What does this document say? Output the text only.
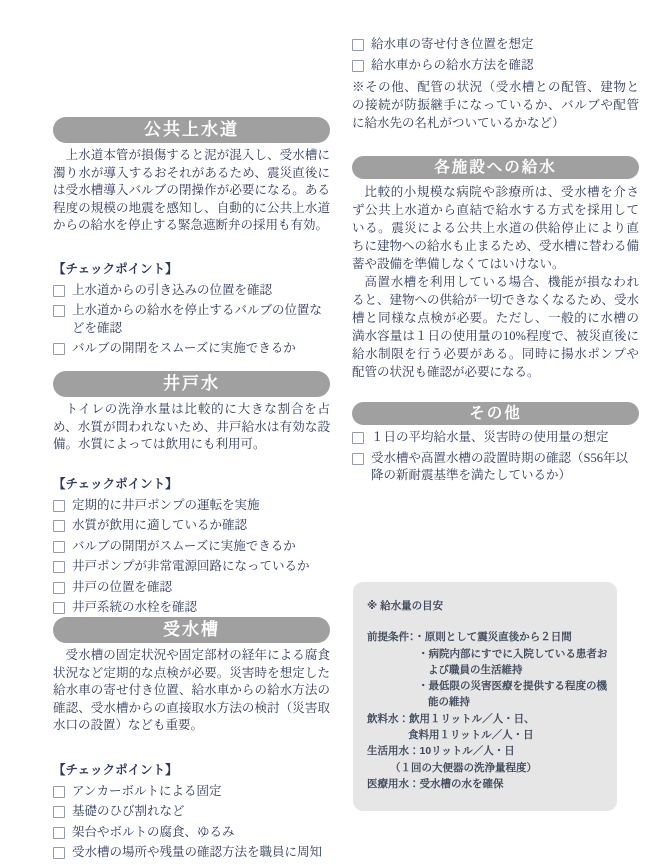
公共上水道

上水道本管が損傷すると泥が混入し、受水槽に濁り水が導入するおそれがあるため、震災直後には受水槽導入バルブの閉操作が必要になる。ある程度の規模の地震を感知し、自動的に公共上水道からの給水を停止する緊急遮断弁の採用も有効。

【チェックポイント】
上水道からの引き込みの位置を確認
上水道からの給水を停止するバルブの位置などを確認
バルブの開閉をスムーズに実施できるか
井戸水

トイレの洗浄水量は比較的に大きな割合を占め、水質が問われないため、井戸給水は有効な設備。水質によっては飲用にも利用可。

【チェックポイント】
定期的に井戸ポンプの運転を実施
水質が飲用に適しているか確認
バルブの開閉がスムーズに実施できるか
井戸ポンプが非常電源回路になっているか
井戸の位置を確認
井戸系統の水栓を確認
受水槽

受水槽の固定状況や固定部材の経年による腐食状況など定期的な点検が必要。災害時を想定した給水車の寄せ付き位置、給水車からの給水方法の確認、受水槽からの直接取水方法の検討（災害取水口の設置）なども重要。

【チェックポイント】
アンカーボルトによる固定
基礎のひび割れなど
架台やボルトの腐食、ゆるみ
受水槽の場所や残量の確認方法を職員に周知
給水車の寄せ付き位置を想定
給水車からの給水方法を確認

※その他、配管の状況（受水槽との配管、建物との接続が防振継手になっているか、バルブや配管に給水先の名札がついているかなど）

各施設への給水

比較的小規模な病院や診療所は、受水槽を介さず公共上水道から直結で給水する方式を採用している。震災による公共上水道の供給停止により直ちに建物への給水も止まるため、受水槽に替わる備蓄や設備を準備しなくてはいけない。

高置水槽を利用している場合、機能が損なわれると、建物への供給が一切できなくなるため、受水槽と同様な点検が必要。ただし、一般的に水槽の満水容量は１日の使用量の10%程度で、被災直後に給水制限を行う必要がある。同時に揚水ポンプや配管の状況も確認が必要になる。

その他
１日の平均給水量、災害時の使用量の想定
受水槽や高置水槽の設置時期の確認（S56年以降の新耐震基準を満たしているか）
※ 給水量の目安
前提条件：・原則として震災直後から２日間
・病院内部にすでに入院している患者お
よび職員の生活維持
・最低限の災害医療を提供する程度の機
能の維持
飲料水：飲用１リットル／人・日、
食料用１リットル／人・日
生活用水：10リットル／人・日
（１回の大便器の洗浄量程度）
医療用水：受水槽の水を確保
